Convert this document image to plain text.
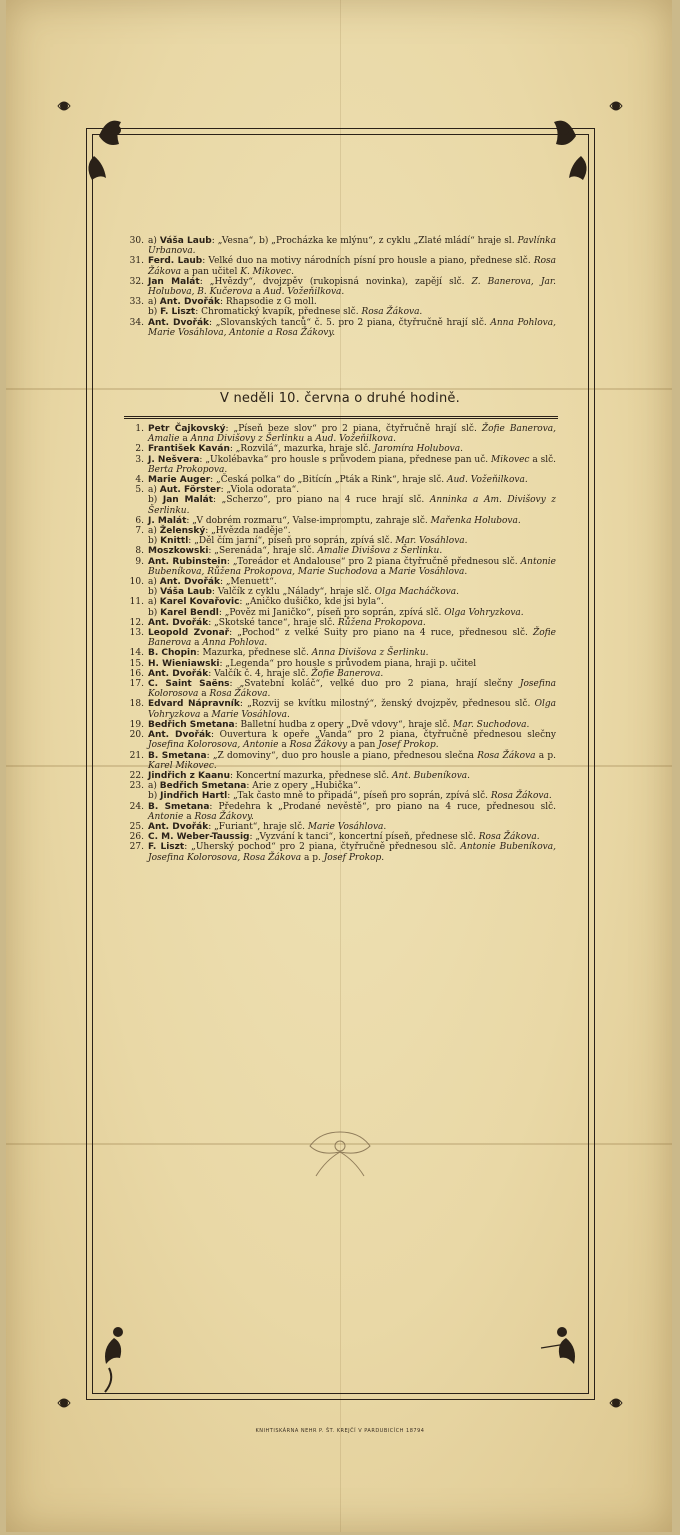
30. a) Váša Laub: „Vesna“, b) „Procházka ke mlýnu“, z cyklu „Zlaté mládí“ hraje sl. Pavlínka Urbanova.
31. Ferd. Laub: Velké duo na motivy národních písní pro housle a piano, přednese slč. Rosa Žákova a pan učitel K. Mikovec.
32. Jan Malát: „Hvězdy“, dvojzpěv (rukopisná novinka), zapějí slč. Z. Banerova, Jar. Holubova, B. Kučerova a Aud. Vožeňilkova.
33. a) Ant. Dvořák: Rhapsodie z G moll.
b) F. Liszt: Chromatický kvapík, přednese slč. Rosa Žákova.
34. Ant. Dvořák: „Slovanských tanců“ č. 5. pro 2 piana, čtyřručně hrají slč. Anna Pohlova, Marie Vosáhlova, Antonie a Rosa Žákovy.
V neděli 10. června o druhé hodině.
1. Petr Čajkovský: „Píseň beze slov“ pro 2 piana, čtyřručně hrají slč. Žofie Banerova, Amalie a Anna Divišovy z Šerlinku a Aud. Vožeňilkova.
2. František Kaván: „Rozvilá“, mazurka, hraje slč. Jaromíra Holubova.
3. J. Nešvera: „Ukolébavka“ pro housle s průvodem piana, přednese pan uč. Mikovec a slč. Berta Prokopova.
4. Marie Auger: „Česká polka“ do „Bitícín „Pták a Rink“, hraje slč. Aud. Vožeňilkova.
5. a) Aut. Förster: „Viola odorata“.
b) Jan Malát: „Scherzo“, pro piano na 4 ruce hrají slč. Anninka a Am. Divišovy z Šerlinku.
6. J. Malát: „V dobrém rozmaru“, Valse-impromptu, zahraje slč. Mařenka Holubova.
7. a) Želenský: „Hvězda naděje“.
b) Knittl: „Děl čím jarní“, píseň pro soprán, zpívá slč. Mar. Vosáhlova.
8. Moszkowski: „Serenáda“, hraje slč. Amalie Divišova z Šerlinku.
9. Ant. Rubinstein: „Toreádor et Andalouse“ pro 2 piana čtyřručně přednesou slč. Antonie Bubeníkova, Růžena Prokopova, Marie Suchodova a Marie Vosáhlova.
10. a) Ant. Dvořák: „Menuett“.
b) Váša Laub: Valčík z cyklu „Nálady“, hraje slč. Olga Macháčkova.
11. a) Karel Kovařovic: „Aničko dušičko, kde jsi byla“.
b) Karel Bendl: „Pověz mi Janičko“, píseň pro soprán, zpívá slč. Olga Vohryzkova.
12. Ant. Dvořák: „Skotské tance“, hraje slč. Růžena Prokopova.
13. Leopold Zvonař: „Pochod“ z velké Suity pro piano na 4 ruce, přednesou slč. Žofie Banerova a Anna Pohlova.
14. B. Chopin: Mazurka, přednese slč. Anna Divišova z Šerlinku.
15. H. Wieniawski: „Legenda“ pro housle s průvodem piana, hraji p. učitel
16. Ant. Dvořák: Valčík č. 4, hraje slč. Žofie Banerova.
17. C. Saint Saëns: „Svatební koláč“, velké duo pro 2 piana, hrají slečny Josefina Kolorosova a Rosa Žákova.
18. Edvard Nápravník: „Rozvij se kvítku milostný“, ženský dvojzpěv, přednesou slč. Olga Vohryzkova a Marie Vosáhlova.
19. Bedřich Smetana: Balletní hudba z opery „Dvě vdovy“, hraje slč. Mar. Suchodova.
20. Ant. Dvořák: Ouvertura k opeře „Vanda“ pro 2 piana, čtyřručně přednesou slečny Josefina Kolorosova, Antonie a Rosa Žákovy a pan Josef Prokop.
21. B. Smetana: „Z domoviny“, duo pro housle a piano, přednesou slečna Rosa Žákova a p. Karel Mikovec.
22. Jindřich z Kaanu: Koncertní mazurka, přednese slč. Ant. Bubeníkova.
23. a) Bedřich Smetana: Arie z opery „Hubička“.
b) Jindřich Hartl: „Tak často mně to připadá“, píseň pro soprán, zpívá slč. Rosa Žákova.
24. B. Smetana: Předehra k „Prodané nevěstě“, pro piano na 4 ruce, přednesou slč. Antonie a Rosa Žákovy.
25. Ant. Dvořák: „Furiant“, hraje slč. Marie Vosáhlova.
26. C. M. Weber-Taussig: „Vyzvání k tanci“, koncertní píseň, přednese slč. Rosa Žákova.
27. F. Liszt: „Uherský pochod“ pro 2 piana, čtyřručně přednesou slč. Antonie Bubeníkova, Josefina Kolorosova, Rosa Žákova a p. Josef Prokop.
KNIHTISKÁRNA NEHR P. ŠT. KREJČÍ V PARDUBICÍCH 18794
